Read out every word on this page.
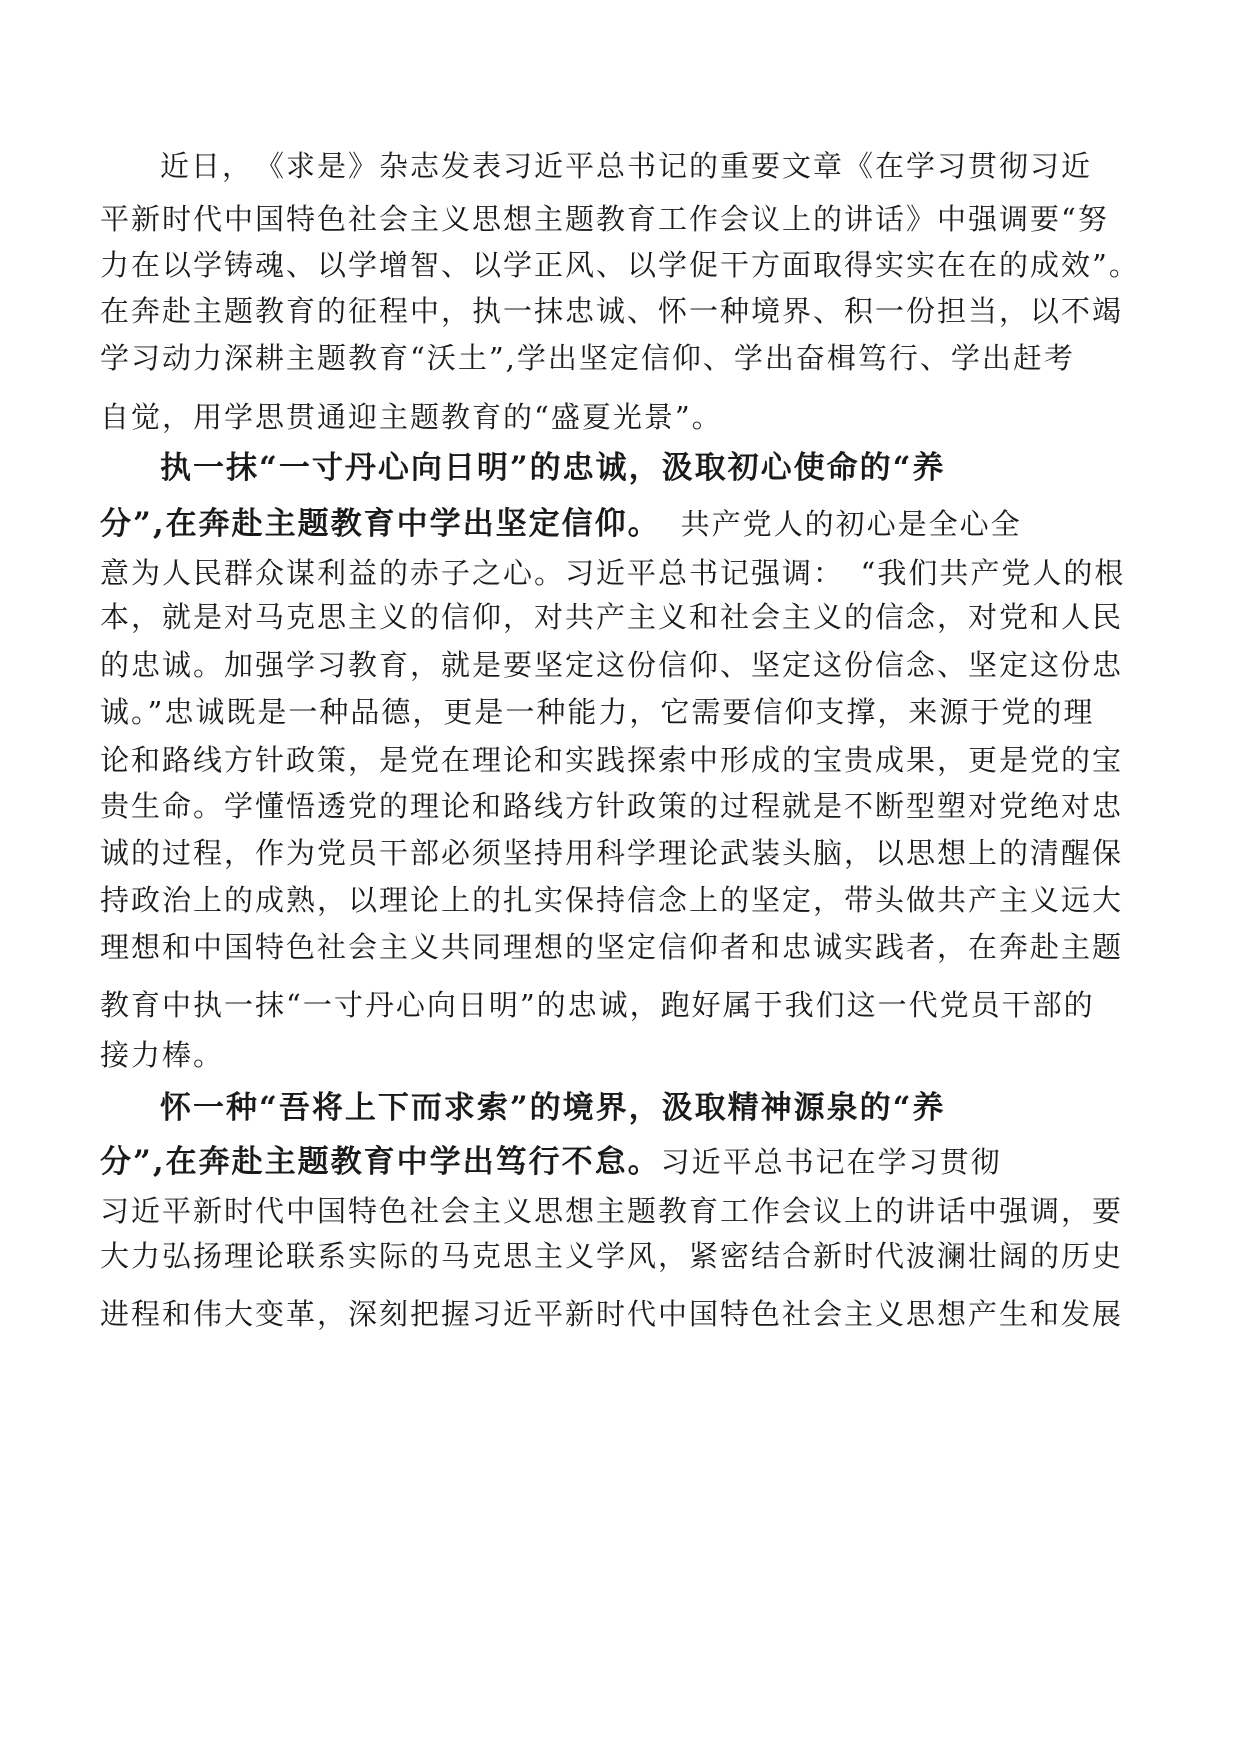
近日，　《求是》杂志发表习近平总书记的重要文章《在学习贯彻习近
平新时代中国特色社会主义思想主题教育工作会议上的讲话》中强调要“努
力在以学铸魂、以学增智、以学正风、以学促干方面取得实实在在的成效”。
在奔赴主题教育的征程中，执一抹忠诚、怀一种境界、积一份担当，以不竭
学习动力深耕主题教育“沃土”,学出坚定信仰、学出奋楫笃行、学出赶考
自觉，用学思贯通迎主题教育的“盛夏光景”。
执一抹“一寸丹心向日明”的忠诚，汲取初心使命的“养
分”,在奔赴主题教育中学出坚定信仰。 共产党人的初心是全心全
意为人民群众谋利益的赤子之心。习近平总书记强调：　“我们共产党人的根
本，就是对马克思主义的信仰，对共产主义和社会主义的信念，对党和人民
的忠诚。加强学习教育，就是要坚定这份信仰、坚定这份信念、坚定这份忠
诚。”忠诚既是一种品德，更是一种能力，它需要信仰支撑，来源于党的理
论和路线方针政策，是党在理论和实践探索中形成的宝贵成果，更是党的宝
贵生命。学懂悟透党的理论和路线方针政策的过程就是不断型塑对党绝对忠
诚的过程，作为党员干部必须坚持用科学理论武装头脑，以思想上的清醒保
持政治上的成熟，以理论上的扎实保持信念上的坚定，带头做共产主义远大
理想和中国特色社会主义共同理想的坚定信仰者和忠诚实践者，在奔赴主题
教育中执一抹“一寸丹心向日明”的忠诚，跑好属于我们这一代党员干部的
接力棒。
怀一种“吾将上下而求索”的境界，汲取精神源泉的“养
分”,在奔赴主题教育中学出笃行不怠。习近平总书记在学习贯彻
习近平新时代中国特色社会主义思想主题教育工作会议上的讲话中强调，要
大力弘扬理论联系实际的马克思主义学风，紧密结合新时代波澜壮阔的历史
进程和伟大变革，深刻把握习近平新时代中国特色社会主义思想产生和发展
